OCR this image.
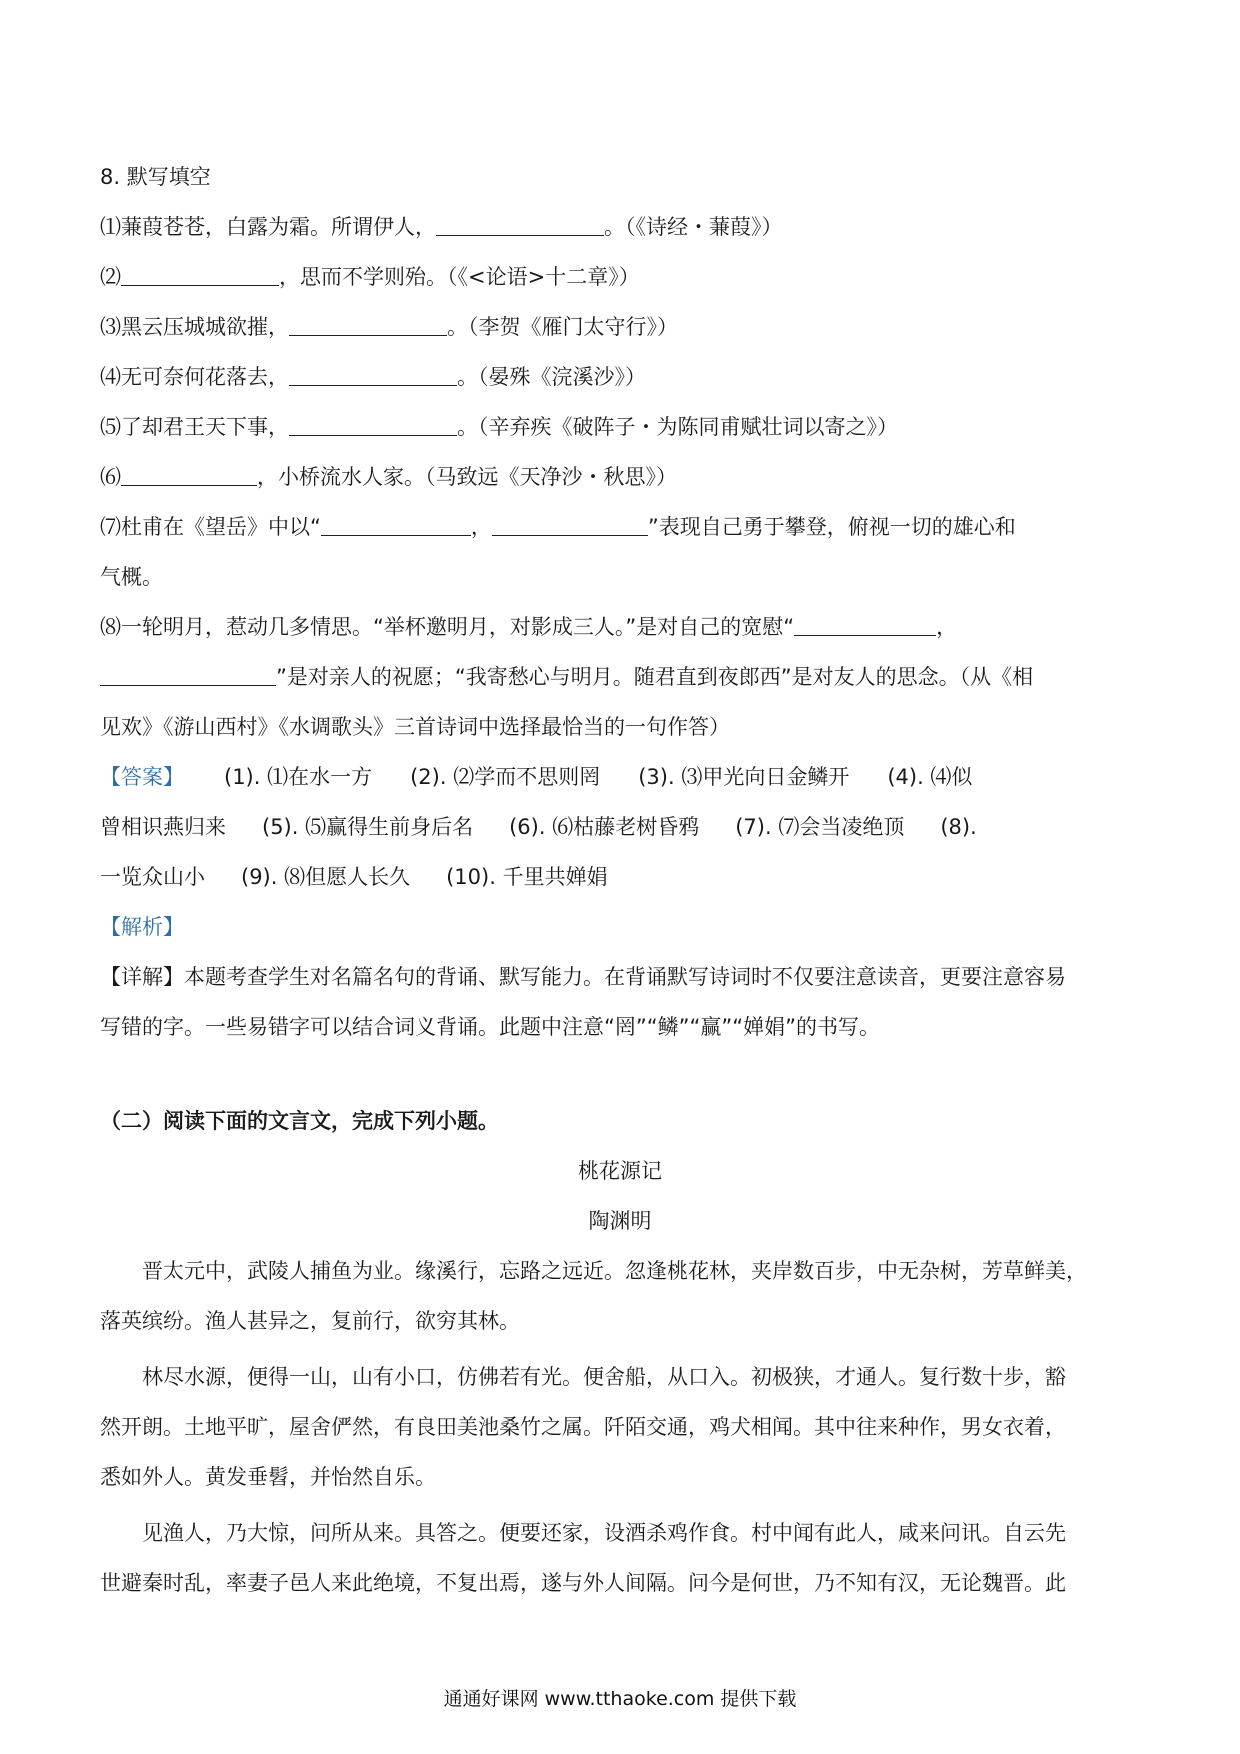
8. 默写填空
⑴蒹葭苍苍，白露为霜。所谓伊人，	。（《诗经・蒹葭》）
⑵	，思而不学则殆。（《<论语>十二章》）
⑶黑云压城城欲摧，	。（李贺《雁门太守行》）
⑷无可奈何花落去，	。（晏殊《浣溪沙》）
⑸了却君王天下事，	。（辛弃疾《破阵子・为陈同甫赋壮词以寄之》）
⑹	，小桥流水人家。（马致远《天净沙・秋思》）
⑺杜甫在《望岳》中以“	，	”表现自己勇于攀登，俯视一切的雄心和
气概。
⑻一轮明月，惹动几多情思。“举杯邀明月，对影成三人。”是对自己的宽慰“	，
”是对亲人的祝愿；“我寄愁心与明月。随君直到夜郎西”是对友人的思念。（从《相
见欢》《游山西村》《水调歌头》三首诗词中选择最恰当的一句作答）
【答案】 (1). ⑴在水一方 (2). ⑵学而不思则罔 (3). ⑶甲光向日金鳞开 (4). ⑷似
曾相识燕归来 (5). ⑸赢得生前身后名 (6). ⑹枯藤老树昏鸦 (7). ⑺会当凌绝顶 (8).
一览众山小 (9). ⑻但愿人长久 (10). 千里共婵娟
【解析】
【详解】本题考查学生对名篇名句的背诵、默写能力。在背诵默写诗词时不仅要注意读音，更要注意容易
写错的字。一些易错字可以结合词义背诵。此题中注意“罔”“鳞”“赢”“婵娟”的书写。
（二）阅读下面的文言文，完成下列小题。
桃花源记
陶渊明
晋太元中，武陵人捕鱼为业。缘溪行，忘路之远近。忽逢桃花林，夹岸数百步，中无杂树，芳草鲜美，
落英缤纷。渔人甚异之，复前行，欲穷其林。
林尽水源，便得一山，山有小口，仿佛若有光。便舍船，从口入。初极狭，才通人。复行数十步，豁
然开朗。土地平旷，屋舍俨然，有良田美池桑竹之属。阡陌交通，鸡犬相闻。其中往来种作，男女衣着，
悉如外人。黄发垂髫，并怡然自乐。
见渔人，乃大惊，问所从来。具答之。便要还家，设酒杀鸡作食。村中闻有此人，咸来问讯。自云先
世避秦时乱，率妻子邑人来此绝境，不复出焉，遂与外人间隔。问今是何世，乃不知有汉，无论魏晋。此
通通好课网 www.tthaoke.com 提供下载
